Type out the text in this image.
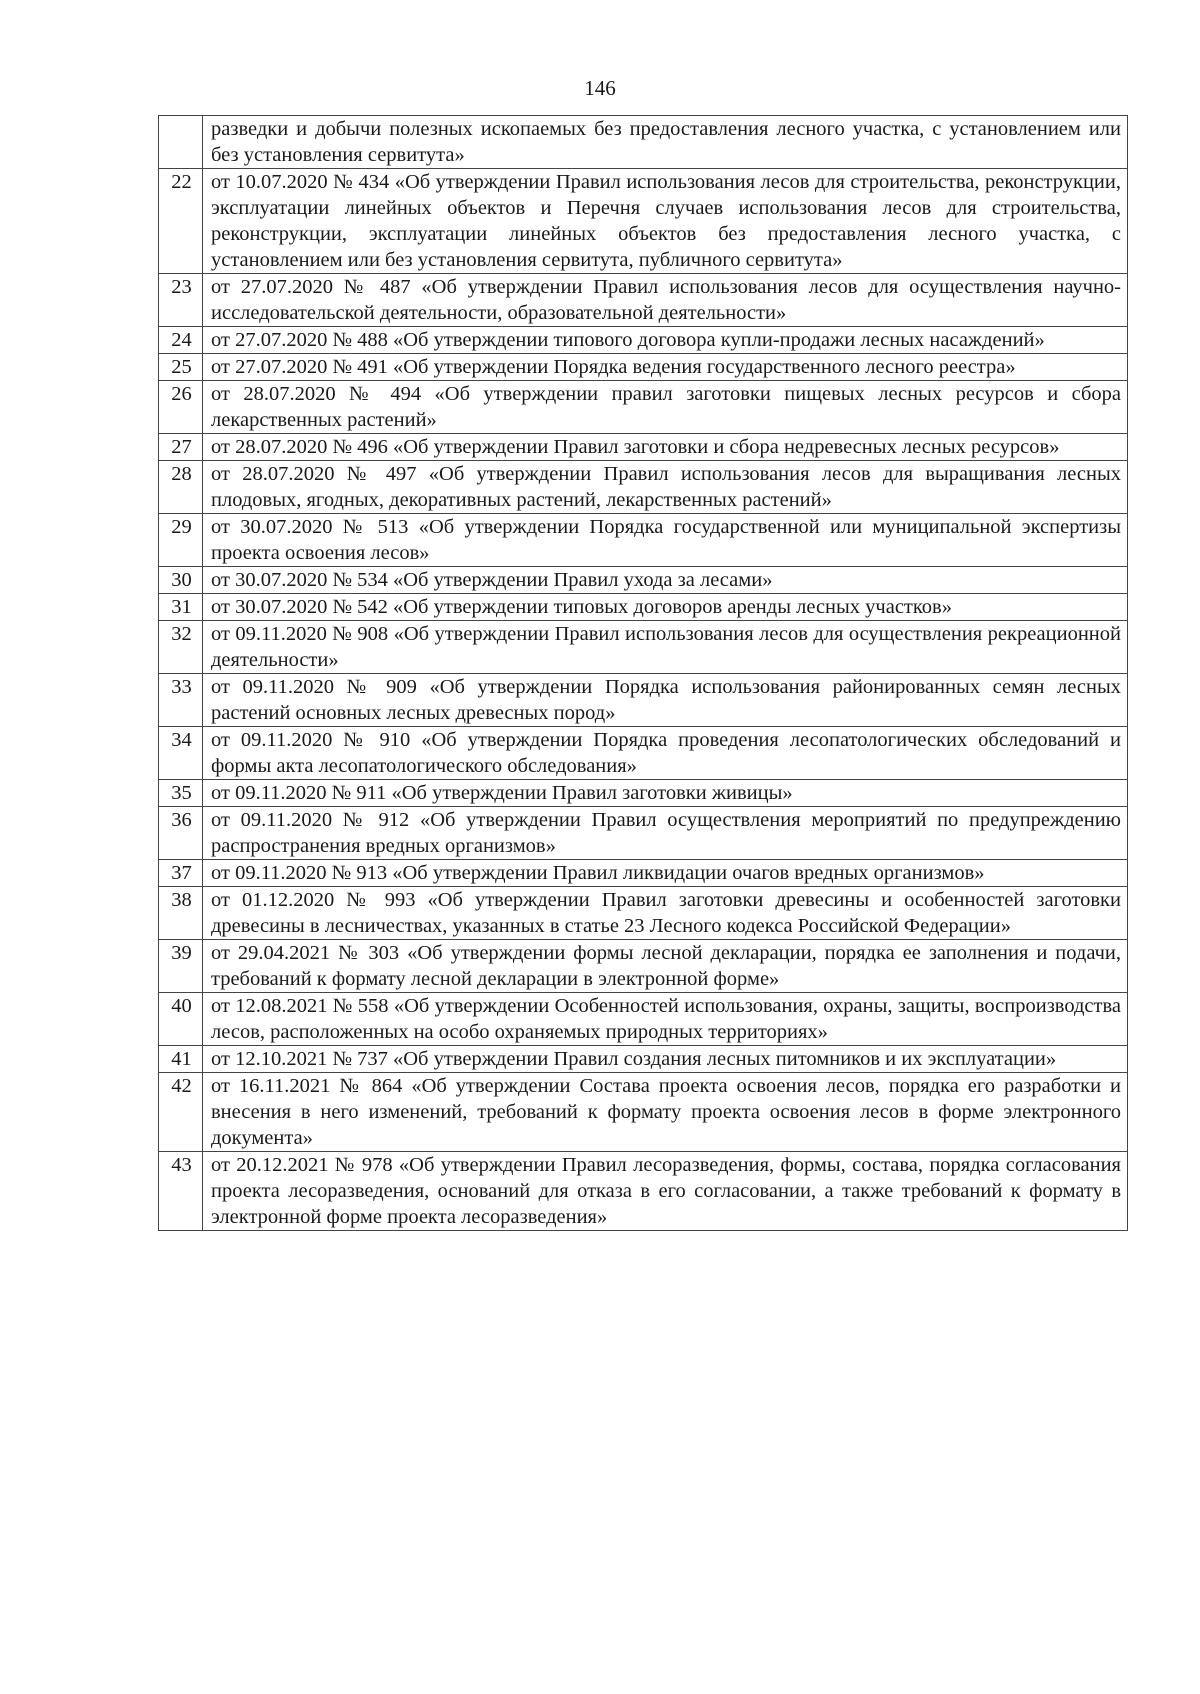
146
	разведки и добычи полезных ископаемых без предоставления лесного участка, с установлением или без установления сервитута»
22	от 10.07.2020 № 434 «Об утверждении Правил использования лесов для строительства, реконструкции, эксплуатации линейных объектов и Перечня случаев использования лесов для строительства, реконструкции, эксплуатации линейных объектов без предоставления лесного участка, с установлением или без установления сервитута, публичного сервитута»
23	от 27.07.2020 № 487 «Об утверждении Правил использования лесов для осуществления научно-исследовательской деятельности, образовательной деятельности»
24	от 27.07.2020 № 488 «Об утверждении типового договора купли-продажи лесных насаждений»
25	от 27.07.2020 № 491 «Об утверждении Порядка ведения государственного лесного реестра»
26	от 28.07.2020 № 494 «Об утверждении правил заготовки пищевых лесных ресурсов и сбора лекарственных растений»
27	от 28.07.2020 № 496 «Об утверждении Правил заготовки и сбора недревесных лесных ресурсов»
28	от 28.07.2020 № 497 «Об утверждении Правил использования лесов для выращивания лесных плодовых, ягодных, декоративных растений, лекарственных растений»
29	от 30.07.2020 № 513 «Об утверждении Порядка государственной или муниципальной экспертизы проекта освоения лесов»
30	от 30.07.2020 № 534 «Об утверждении Правил ухода за лесами»
31	от 30.07.2020 № 542 «Об утверждении типовых договоров аренды лесных участков»
32	от 09.11.2020 № 908 «Об утверждении Правил использования лесов для осуществления рекреационной деятельности»
33	от 09.11.2020 № 909 «Об утверждении Порядка использования районированных семян лесных растений основных лесных древесных пород»
34	от 09.11.2020 № 910 «Об утверждении Порядка проведения лесопатологических обследований и формы акта лесопатологического обследования»
35	от 09.11.2020 № 911 «Об утверждении Правил заготовки живицы»
36	от 09.11.2020 № 912 «Об утверждении Правил осуществления мероприятий по предупреждению распространения вредных организмов»
37	от 09.11.2020 № 913 «Об утверждении Правил ликвидации очагов вредных организмов»
38	от 01.12.2020 № 993 «Об утверждении Правил заготовки древесины и особенностей заготовки древесины в лесничествах, указанных в статье 23 Лесного кодекса Российской Федерации»
39	от 29.04.2021 № 303 «Об утверждении формы лесной декларации, порядка ее заполнения и подачи, требований к формату лесной декларации в электронной форме»
40	от 12.08.2021 № 558 «Об утверждении Особенностей использования, охраны, защиты, воспроизводства лесов, расположенных на особо охраняемых природных территориях»
41	от 12.10.2021 № 737 «Об утверждении Правил создания лесных питомников и их эксплуатации»
42	от 16.11.2021 № 864 «Об утверждении Состава проекта освоения лесов, порядка его разработки и внесения в него изменений, требований к формату проекта освоения лесов в форме электронного документа»
43	от 20.12.2021 № 978 «Об утверждении Правил лесоразведения, формы, состава, порядка согласования проекта лесоразведения, оснований для отказа в его согласовании, а также требований к формату в электронной форме проекта лесоразведения»
